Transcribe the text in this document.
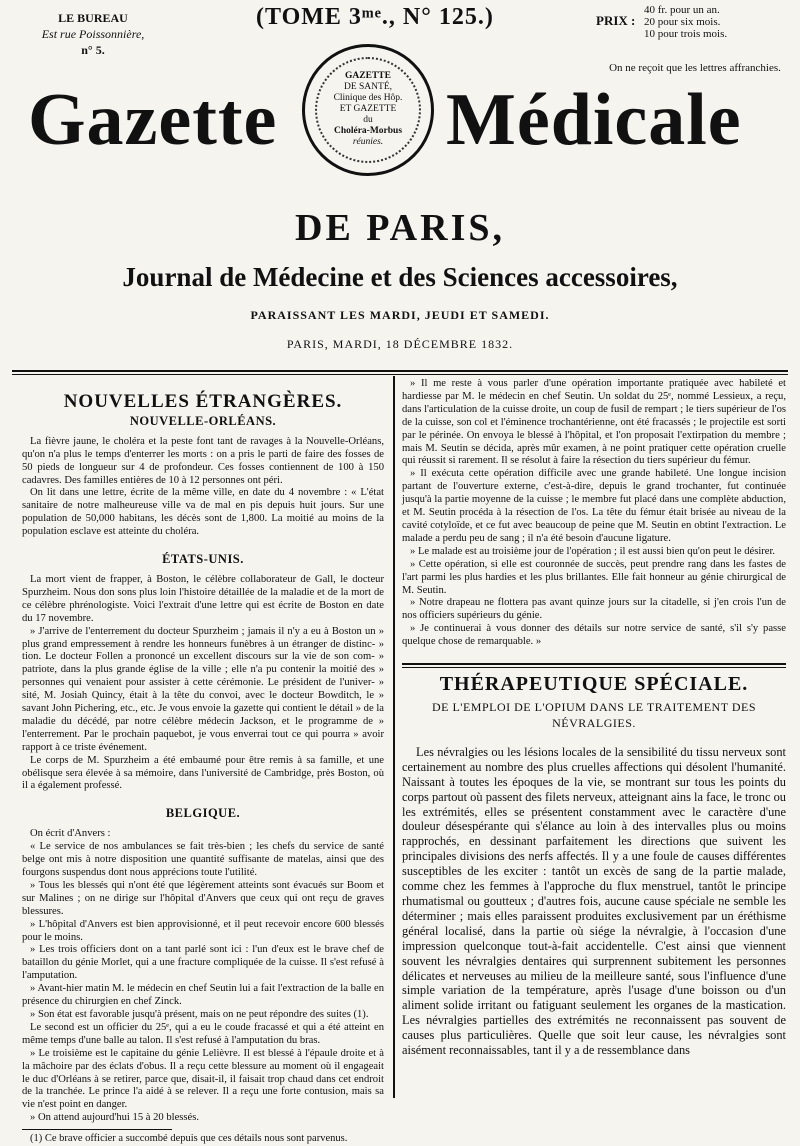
LE BUREAU
Est rue Poissonnière,
n° 5.
(TOME 3ᵐᵉ., N° 125.)	PRIX :
40 fr. pour un an.
20 pour six mois.
10 pour trois mois.
On ne reçoit que les lettres affranchies.
Gazette
GAZETTE
DE SANTÉ,
Clinique des Hôp.
ET GAZETTE
du
Choléra-Morbus
réunies. Médicale
DE PARIS,
Journal de Médecine et des Sciences accessoires,
PARAISSANT LES MARDI, JEUDI ET SAMEDI.
PARIS, MARDI, 18 DÉCEMBRE 1832.
NOUVELLES ÉTRANGÈRES.
NOUVELLE-ORLÉANS.

La fièvre jaune, le choléra et la peste font tant de ravages à la Nouvelle-Orléans, qu'on n'a plus le temps d'enterrer les morts : on a pris le parti de faire des fosses de 50 pieds de longueur sur 4 de profondeur. Ces fosses contiennent de 100 à 150 cadavres. Des familles entières de 10 à 12 personnes ont péri.

On lit dans une lettre, écrite de la même ville, en date du 4 novembre : « L'état sanitaire de notre malheureuse ville va de mal en pis depuis huit jours. Sur une population de 50,000 habitans, les décès sont de 1,800. La moitié au moins de la population esclave est atteinte du choléra.

ÉTATS-UNIS.

La mort vient de frapper, à Boston, le célèbre collaborateur de Gall, le docteur Spurzheim. Nous don sons plus loin l'histoire détaillée de la maladie et de la mort de ce célèbre phrénologiste. Voici l'extrait d'une lettre qui est écrite de Boston en date du 17 novembre.

» J'arrive de l'enterrement du docteur Spurzheim ; jamais il n'y a eu à Boston un » plus grand empressement à rendre les honneurs funèbres à un étranger de distinc- » tion. Le docteur Follen a prononcé un excellent discours sur la vie de son com- » patriote, dans la plus grande église de la ville ; elle n'a pu contenir la moitié des » personnes qui venaient pour assister à cette cérémonie. Le président de l'univer- » sité, M. Josiah Quincy, était à la tête du convoi, avec le docteur Bowditch, le » savant John Pichering, etc., etc. Je vous envoie la gazette qui contient le détail » de la maladie du décédé, par notre célèbre médecin Jackson, et le programme de » l'enterrement. Par le prochain paquebot, je vous enverrai tout ce qui pourra » avoir rapport à ce triste événement.

Le corps de M. Spurzheim a été embaumé pour être remis à sa famille, et une obélisque sera élevée à sa mémoire, dans l'université de Cambridge, près Boston, où il a également professé.

BELGIQUE.

On écrit d'Anvers :

« Le service de nos ambulances se fait très-bien ; les chefs du service de santé belge ont mis à notre disposition une quantité suffisante de matelas, ainsi que des fourgons suspendus dont nous apprécions toute l'utilité.

» Tous les blessés qui n'ont été que légèrement atteints sont évacués sur Boom et sur Malines ; on ne dirige sur l'hôpital d'Anvers que ceux qui ont reçu de graves blessures.

» L'hôpital d'Anvers est bien approvisionné, et il peut recevoir encore 600 blessés pour le moins.

» Les trois officiers dont on a tant parlé sont ici : l'un d'eux est le brave chef de bataillon du génie Morlet, qui a une fracture compliquée de la cuisse. Il s'est refusé à l'amputation.

» Avant-hier matin M. le médecin en chef Seutin lui a fait l'extraction de la balle en présence du chirurgien en chef Zinck.

» Son état est favorable jusqu'à présent, mais on ne peut répondre des suites (1).

Le second est un officier du 25ᵉ, qui a eu le coude fracassé et qui a été atteint en même temps d'une balle au talon. Il s'est refusé à l'amputation du bras.

» Le troisième est le capitaine du génie Lelièvre. Il est blessé à l'épaule droite et à la mâchoire par des éclats d'obus. Il a reçu cette blessure au moment où il engageait le duc d'Orléans à se retirer, parce que, disait-il, il faisait trop chaud dans cet endroit de la tranchée. Le prince l'a aidé à se relever. Il a reçu une forte contusion, mais sa vie n'est point en danger.

» On attend aujourd'hui 15 à 20 blessés.

(1) Ce brave officier a succombé depuis que ces détails nous sont parvenus.

» Il me reste à vous parler d'une opération importante pratiquée avec habileté et hardiesse par M. le médecin en chef Seutin. Un soldat du 25ᵉ, nommé Lessieux, a reçu, dans l'articulation de la cuisse droite, un coup de fusil de rempart ; le tiers supérieur de l'os de la cuisse, son col et l'éminence trochantérienne, ont été fracassés ; le projectile est sorti par le périnée. On envoya le blessé à l'hôpital, et l'on proposait l'extirpation du membre ; mais M. Seutin se décida, après mûr examen, à ne point pratiquer cette opération cruelle qui réussit si rarement. Il se résolut à faire la résection du tiers supérieur du fémur.

» Il exécuta cette opération difficile avec une grande habileté. Une longue incision partant de l'ouverture externe, c'est-à-dire, depuis le grand trochanter, fut continuée jusqu'à la partie moyenne de la cuisse ; le membre fut placé dans une complète abduction, et M. Seutin procéda à la résection de l'os. La tête du fémur était brisée au niveau de la cavité cotyloïde, et ce fut avec beaucoup de peine que M. Seutin en obtint l'extraction. Le malade a perdu peu de sang ; il n'a été besoin d'aucune ligature.

» Le malade est au troisième jour de l'opération ; il est aussi bien qu'on peut le désirer.

» Cette opération, si elle est couronnée de succès, peut prendre rang dans les fastes de l'art parmi les plus hardies et les plus brillantes. Elle fait honneur au génie chirurgical de M. Seutin.

» Notre drapeau ne flottera pas avant quinze jours sur la citadelle, si j'en crois l'un de nos officiers supérieurs du génie.

» Je continuerai à vous donner des détails sur notre service de santé, s'il s'y passe quelque chose de remarquable. »

THÉRAPEUTIQUE SPÉCIALE.
DE L'EMPLOI DE L'OPIUM DANS LE TRAITEMENT DES NÉVRALGIES.

Les névralgies ou les lésions locales de la sensibilité du tissu nerveux sont certainement au nombre des plus cruelles affections qui désolent l'humanité. Naissant à toutes les époques de la vie, se montrant sur tous les points du corps partout où passent des filets nerveux, atteignant ains la face, le tronc ou les extrémités, elles se présentent constamment avec le caractère d'une douleur désespérante qui s'élance au loin à des intervalles plus ou moins rapprochés, en dessinant parfaitement les directions que suivent les principales divisions des nerfs affectés. Il y a une foule de causes différentes susceptibles de les exciter : tantôt un excès de sang de la partie malade, comme chez les femmes à l'approche du flux menstruel, tantôt le principe rhumatismal ou goutteux ; d'autres fois, aucune cause spéciale ne semble les déterminer ; mais elles paraissent produites exclusivement par un éréthisme général localisé, dans la partie où siége la névralgie, à l'occasion d'une impression quelconque tout-à-fait accidentelle. C'est ainsi que viennent souvent les névralgies dentaires qui surprennent subitement les personnes délicates et nerveuses au milieu de la meilleure santé, sous l'influence d'une simple variation de la température, après l'usage d'une boisson ou d'un aliment solide irritant ou fatiguant seulement les organes de la mastication. Les névralgies partielles des extrémités ne reconnaissent pas souvent de causes plus particulières. Quelle que soit leur cause, les névralgies sont aisément reconnaissables, tant il y a de ressemblance dans
